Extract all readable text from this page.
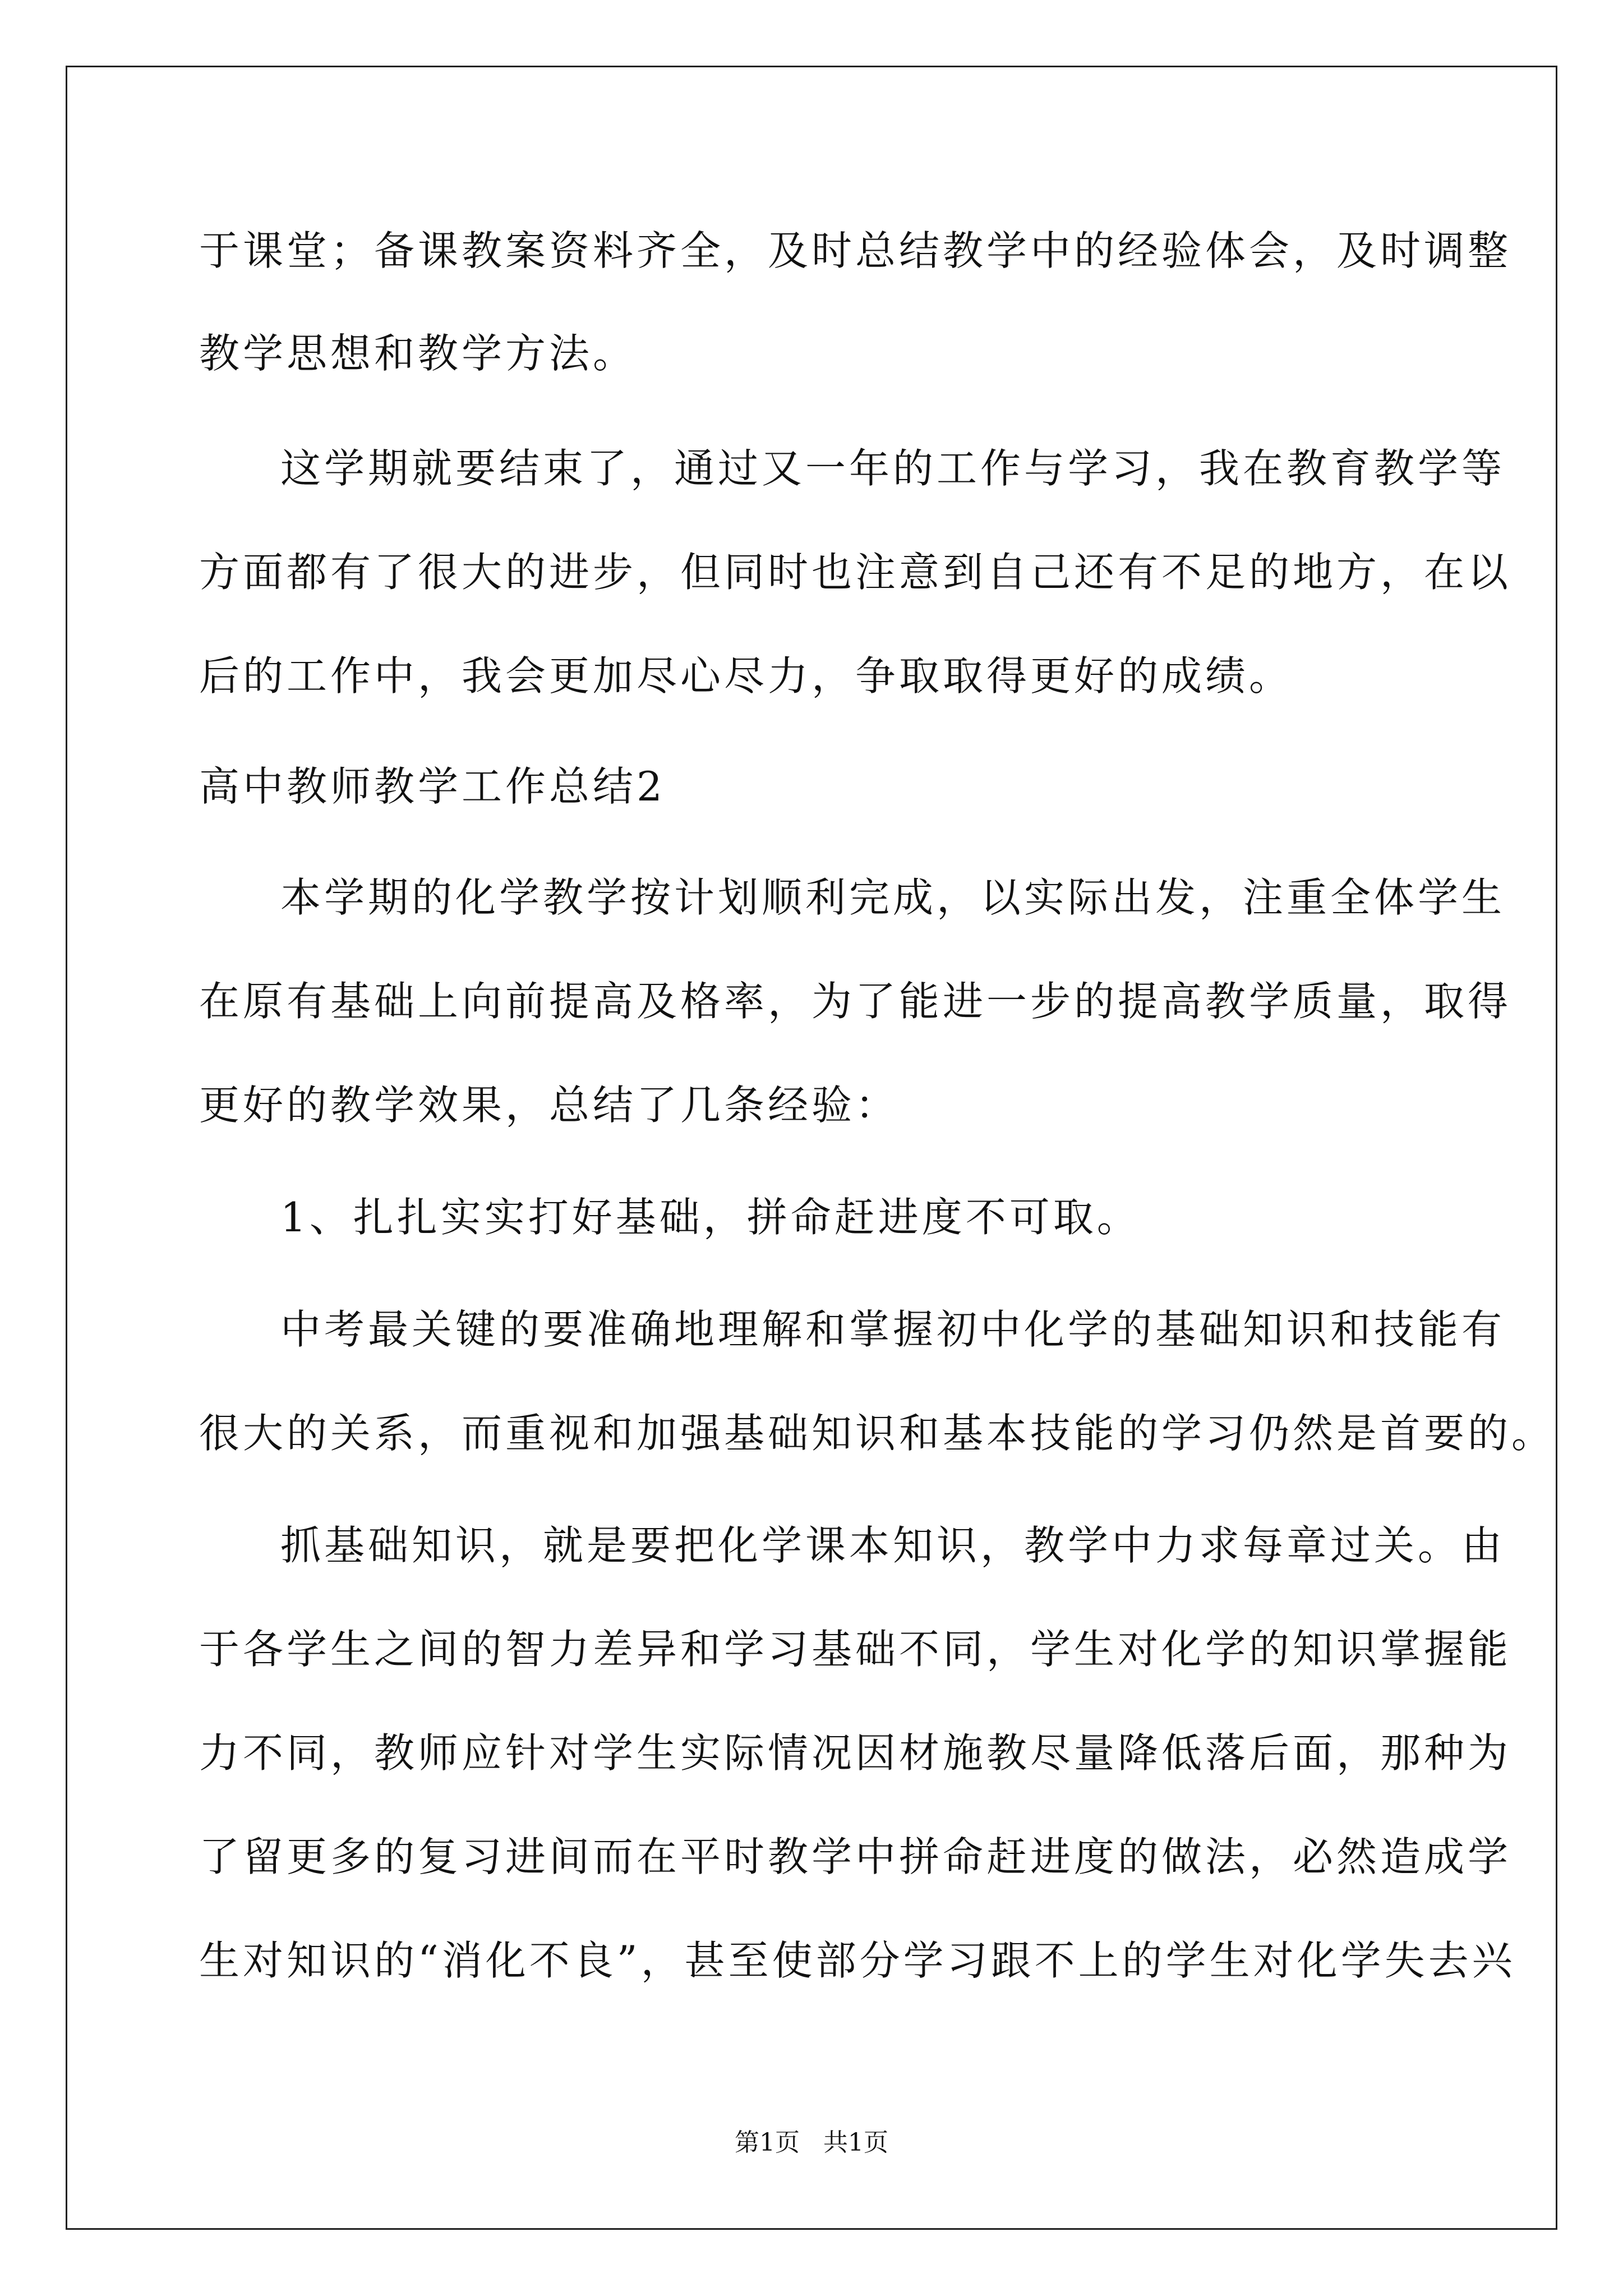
于课堂；备课教案资料齐全，及时总结教学中的经验体会，及时调整
教学思想和教学方法。
这学期就要结束了，通过又一年的工作与学习，我在教育教学等
方面都有了很大的进步，但同时也注意到自己还有不足的地方，在以
后的工作中，我会更加尽心尽力，争取取得更好的成绩。
高中教师教学工作总结2
本学期的化学教学按计划顺利完成，以实际出发，注重全体学生
在原有基础上向前提高及格率，为了能进一步的提高教学质量，取得
更好的教学效果，总结了几条经验：
1、扎扎实实打好基础，拼命赶进度不可取。
中考最关键的要准确地理解和掌握初中化学的基础知识和技能有
很大的关系，而重视和加强基础知识和基本技能的学习仍然是首要的。
抓基础知识，就是要把化学课本知识，教学中力求每章过关。由
于各学生之间的智力差异和学习基础不同，学生对化学的知识掌握能
力不同，教师应针对学生实际情况因材施教尽量降低落后面，那种为
了留更多的复习进间而在平时教学中拼命赶进度的做法，必然造成学
生对知识的“消化不良”，甚至使部分学习跟不上的学生对化学失去兴
第1页 共1页
